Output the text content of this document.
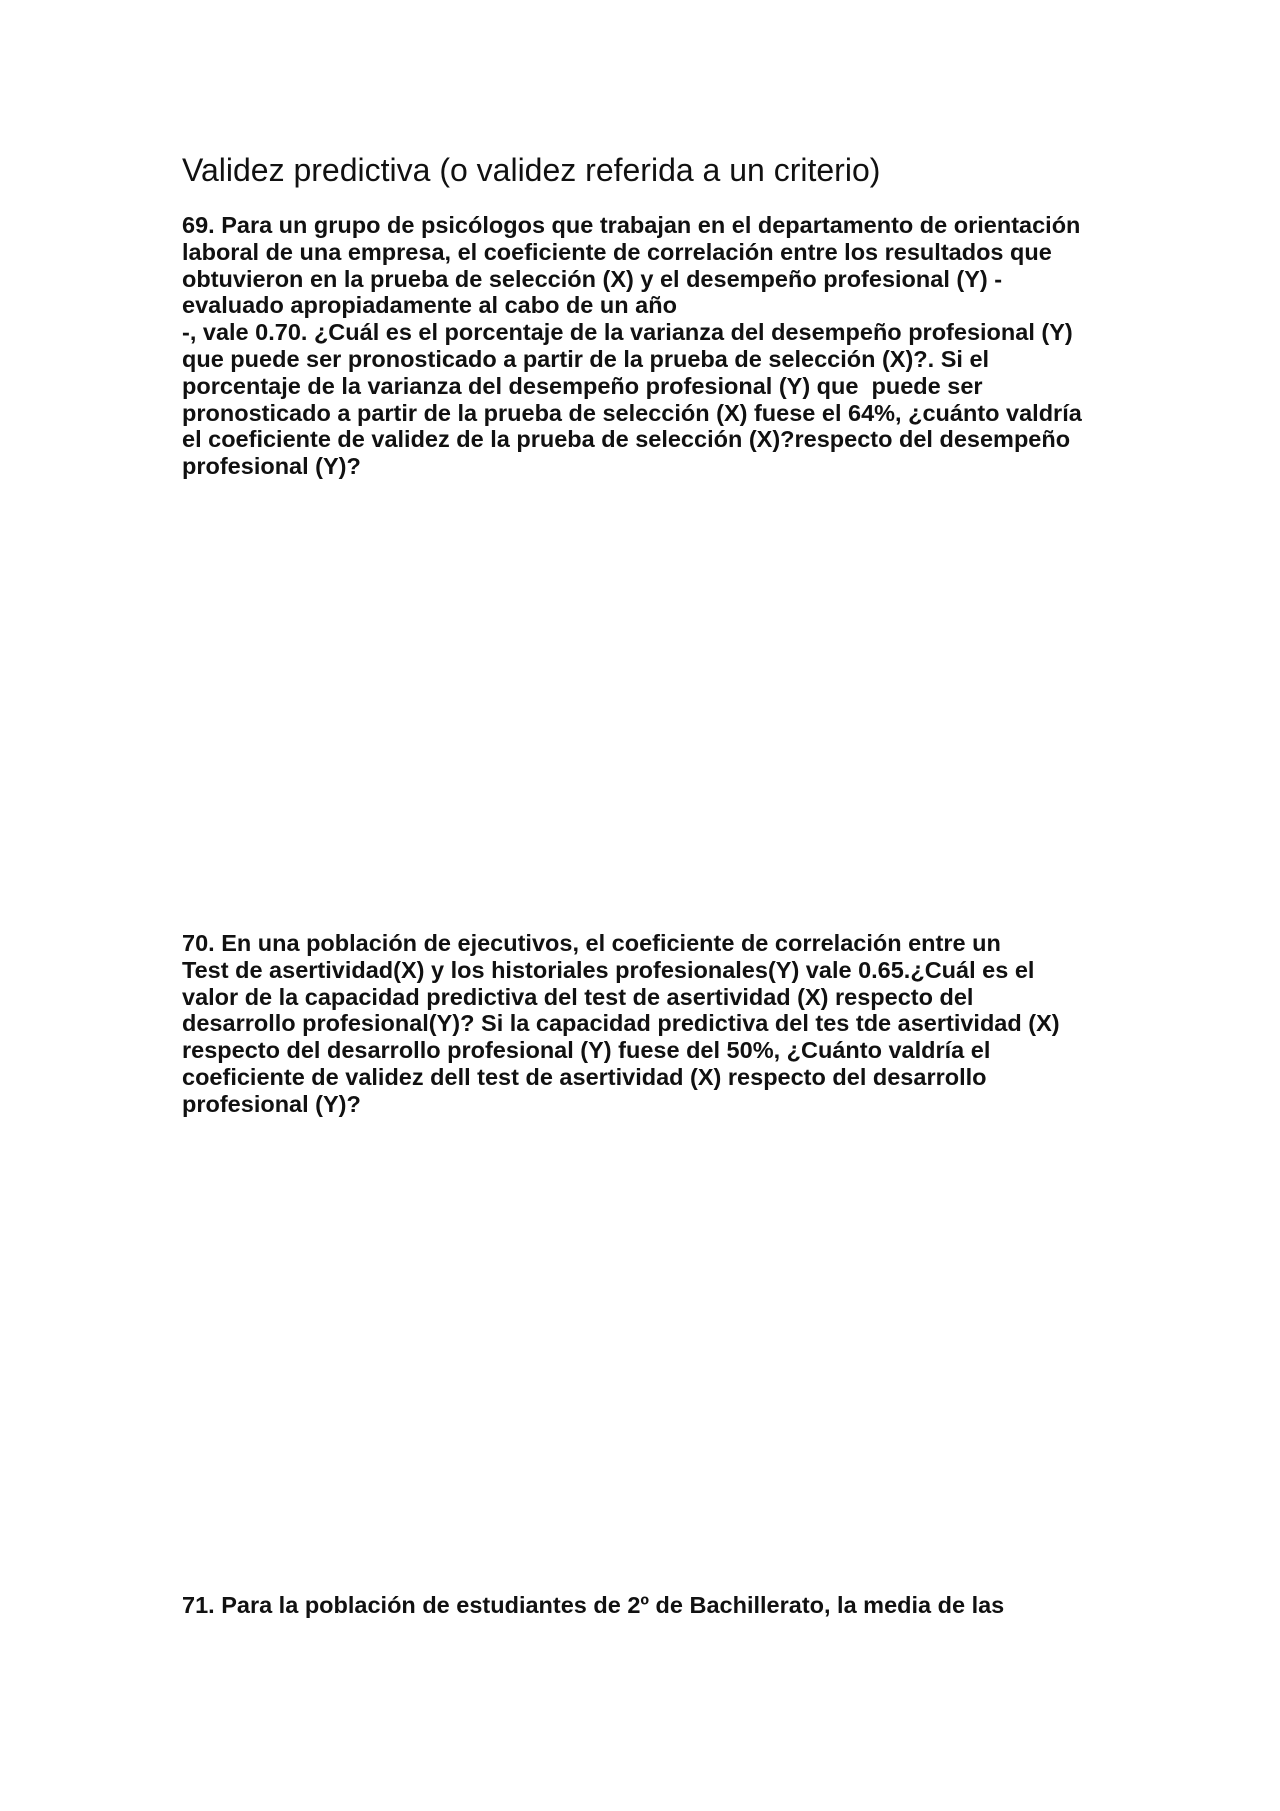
Validez predictiva (o validez referida a un criterio)

69. Para un grupo de psicólogos que trabajan en el departamento de orientación
laboral de una empresa, el coeficiente de correlación entre los resultados que
obtuvieron en la prueba de selección (X) y el desempeño profesional (Y) -
evaluado apropiadamente al cabo de un año
-, vale 0.70. ¿Cuál es el porcentaje de la varianza del desempeño profesional (Y)
que puede ser pronosticado a partir de la prueba de selección (X)?. Si el
porcentaje de la varianza del desempeño profesional (Y) que  puede ser
pronosticado a partir de la prueba de selección (X) fuese el 64%, ¿cuánto valdría
el coeficiente de validez de la prueba de selección (X)?respecto del desempeño
profesional (Y)?

70. En una población de ejecutivos, el coeficiente de correlación entre un
Test de asertividad(X) y los historiales profesionales(Y) vale 0.65.¿Cuál es el
valor de la capacidad predictiva del test de asertividad (X) respecto del
desarrollo profesional(Y)? Si la capacidad predictiva del tes tde asertividad (X)
respecto del desarrollo profesional (Y) fuese del 50%, ¿Cuánto valdría el
coeficiente de validez dell test de asertividad (X) respecto del desarrollo
profesional (Y)?

71. Para la población de estudiantes de 2º de Bachillerato, la media de las
